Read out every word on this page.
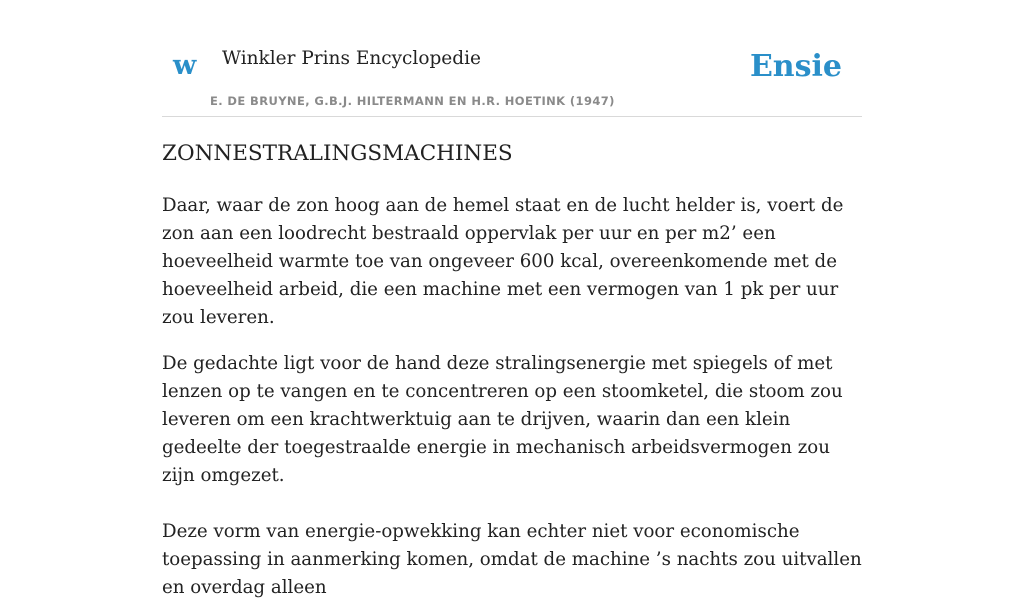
w Winkler Prins Encyclopedie
E. DE BRUYNE, G.B.J. HILTERMANN EN H.R. HOETINK (1947)
Ensie
ZONNESTRALINGSMACHINES

Daar, waar de zon hoog aan de hemel staat en de lucht helder is, voert de zon aan een loodrecht bestraald oppervlak per uur en per m2’ een hoeveelheid warmte toe van ongeveer 600 kcal, overeenkomende met de hoeveelheid arbeid, die een machine met een vermogen van 1 pk per uur zou leveren.

De gedachte ligt voor de hand deze stralingsenergie met spiegels of met lenzen op te vangen en te concentreren op een stoomketel, die stoom zou leveren om een krachtwerktuig aan te drijven, waarin dan een klein gedeelte der toegestraalde energie in mechanisch arbeidsvermogen zou zijn omgezet.

Deze vorm van energie-opwekking kan echter niet voor economische toepassing in aanmerking komen, omdat de machine ’s nachts zou uitvallen en overdag alleen
